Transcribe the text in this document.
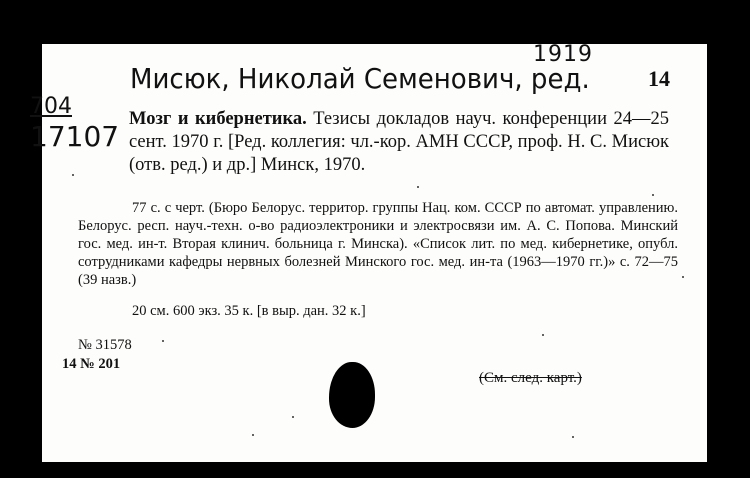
1919
Мисюк, Николай Семенович, ред.	14
704
17107
Мозг и кибернетика. Тезисы докладов науч. конференции 24—25 сент. 1970 г. [Ред. коллегия: чл.-кор. АМН СССР, проф. Н. С. Мисюк (отв. ред.) и др.] Минск, 1970.
77 с. с черт. (Бюро Белорус. территор. группы Нац. ком. СССР по автомат. управлению. Белорус. респ. науч.-техн. о-во радиоэлектроники и электросвязи им. А. С. Попова. Минский гос. мед. ин-т. Вторая клинич. больница г. Минска). «Список лит. по мед. кибернетике, опубл. сотрудниками кафедры нервных болезней Минского гос. мед. ин-та (1963—1970 гг.)» с. 72—75 (39 назв.)
20 см. 600 экз. 35 к. [в выр. дан. 32 к.]
№ 31578
14 № 201
(См. след. карт.)
